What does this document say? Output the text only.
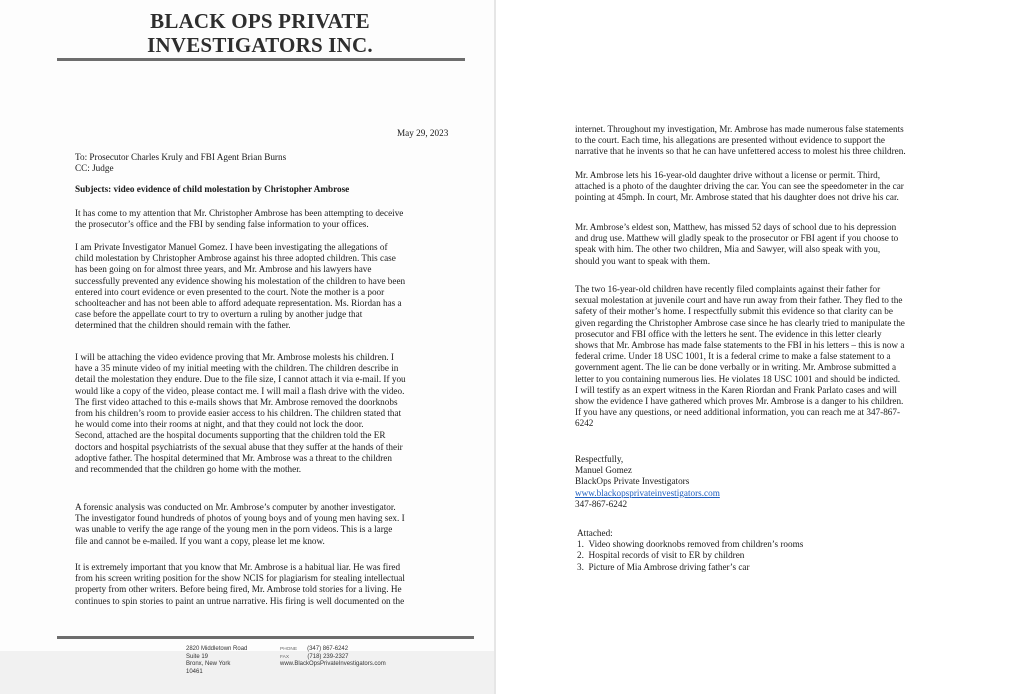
BLACK OPS PRIVATE
INVESTIGATORS INC.
May 29, 2023
To: Prosecutor Charles Kruly and FBI Agent Brian Burns
CC: Judge
Subjects: video evidence of child molestation by Christopher Ambrose
It has come to my attention that Mr. Christopher Ambrose has been attempting to deceive
the prosecutor’s office and the FBI by sending false information to your offices.
I am Private Investigator Manuel Gomez. I have been investigating the allegations of
child molestation by Christopher Ambrose against his three adopted children. This case
has been going on for almost three years, and Mr. Ambrose and his lawyers have
successfully prevented any evidence showing his molestation of the children to have been
entered into court evidence or even presented to the court. Note the mother is a poor
schoolteacher and has not been able to afford adequate representation. Ms. Riordan has a
case before the appellate court to try to overturn a ruling by another judge that
determined that the children should remain with the father.
I will be attaching the video evidence proving that Mr. Ambrose molests his children. I
have a 35 minute video of my initial meeting with the children. The children describe in
detail the molestation they endure. Due to the file size, I cannot attach it via e-mail. If you
would like a copy of the video, please contact me. I will mail a flash drive with the video.
The first video attached to this e-mails shows that Mr. Ambrose removed the doorknobs
from his children’s room to provide easier access to his children. The children stated that
he would come into their rooms at night, and that they could not lock the door.
Second, attached are the hospital documents supporting that the children told the ER
doctors and hospital psychiatrists of the sexual abuse that they suffer at the hands of their
adoptive father. The hospital determined that Mr. Ambrose was a threat to the children
and recommended that the children go home with the mother.
A forensic analysis was conducted on Mr. Ambrose’s computer by another investigator.
The investigator found hundreds of photos of young boys and of young men having sex. I
was unable to verify the age range of the young men in the porn videos. This is a large
file and cannot be e-mailed. If you want a copy, please let me know.
It is extremely important that you know that Mr. Ambrose is a habitual liar. He was fired
from his screen writing position for the show NCIS for plagiarism for stealing intellectual
property from other writers. Before being fired, Mr. Ambrose told stories for a living. He
continues to spin stories to paint an untrue narrative. His firing is well documented on the
2820 Middletown Road
Suite 19
Bronx, New York
10461
PHONE (347) 867-6242
FAX	(718) 239-2327
www.BlackOpsPrivateInvestigators.com
internet. Throughout my investigation, Mr. Ambrose has made numerous false statements
to the court. Each time, his allegations are presented without evidence to support the
narrative that he invents so that he can have unfettered access to molest his three children.
Mr. Ambrose lets his 16-year-old daughter drive without a license or permit. Third,
attached is a photo of the daughter driving the car. You can see the speedometer in the car
pointing at 45mph. In court, Mr. Ambrose stated that his daughter does not drive his car.
Mr. Ambrose’s eldest son, Matthew, has missed 52 days of school due to his depression
and drug use. Matthew will gladly speak to the prosecutor or FBI agent if you choose to
speak with him. The other two children, Mia and Sawyer, will also speak with you,
should you want to speak with them.
The two 16-year-old children have recently filed complaints against their father for
sexual molestation at juvenile court and have run away from their father. They fled to the
safety of their mother’s home. I respectfully submit this evidence so that clarity can be
given regarding the Christopher Ambrose case since he has clearly tried to manipulate the
prosecutor and FBI office with the letters he sent. The evidence in this letter clearly
shows that Mr. Ambrose has made false statements to the FBI in his letters – this is now a
federal crime. Under 18 USC 1001, It is a federal crime to make a false statement to a
government agent. The lie can be done verbally or in writing. Mr. Ambrose submitted a
letter to you containing numerous lies. He violates 18 USC 1001 and should be indicted.
I will testify as an expert witness in the Karen Riordan and Frank Parlato cases and will
show the evidence I have gathered which proves Mr. Ambrose is a danger to his children.
If you have any questions, or need additional information, you can reach me at 347-867-
6242
Respectfully,
Manuel Gomez
BlackOps Private Investigators
www.blackopsprivateinvestigators.com
347-867-6242
Attached:
1.  Video showing doorknobs removed from children’s rooms
2.  Hospital records of visit to ER by children
3.  Picture of Mia Ambrose driving father’s car
